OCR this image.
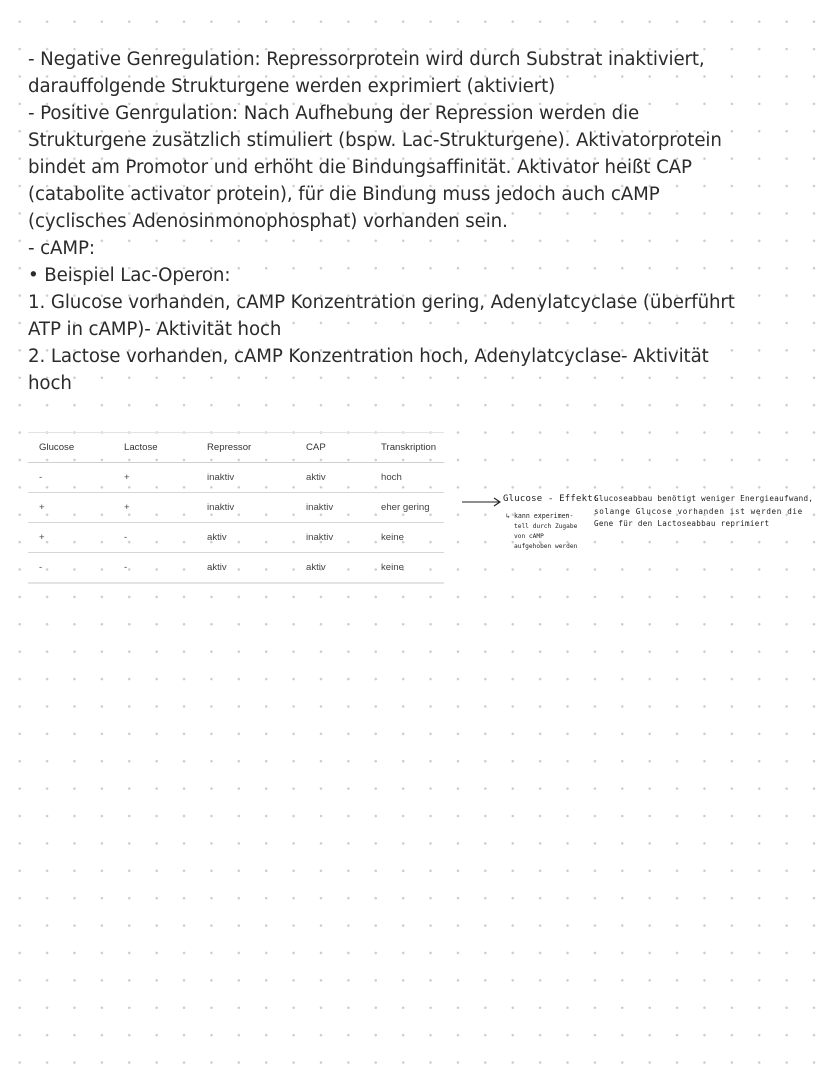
- Negative Genregulation: Repressorprotein wird durch Substrat inaktiviert,
darauffolgende Strukturgene werden exprimiert (aktiviert)
- Positive Genrgulation: Nach Aufhebung der Repression werden die
Strukturgene zusätzlich stimuliert (bspw. Lac-Strukturgene). Aktivatorprotein
bindet am Promotor und erhöht die Bindungsaffinität. Aktivator heißt CAP
(catabolite activator protein), für die Bindung muss jedoch auch cAMP
(cyclisches Adenosinmonophosphat) vorhanden sein.
- cAMP:
• Beispiel Lac-Operon:
1. Glucose vorhanden, cAMP Konzentration gering, Adenylatcyclase (überführt
ATP in cAMP)- Aktivität hoch
2. Lactose vorhanden, cAMP Konzentration hoch, Adenylatcyclase- Aktivität
hoch
Glucose	Lactose	Repressor	CAP	Transkription
-	+	inaktiv	aktiv	hoch
+	+	inaktiv	inaktiv	eher gering
+	-	aktiv	inaktiv	keine
-	-	aktiv	aktiv	keine
Glucose - Effekt:
Glucoseabbau benötigt weniger Energieaufwand,
solange Glucose vorhanden ist werden die
Gene für den Lactoseabbau reprimiert
↳ kann experimen-
tell durch Zugabe
von cAMP
aufgehoben werden
